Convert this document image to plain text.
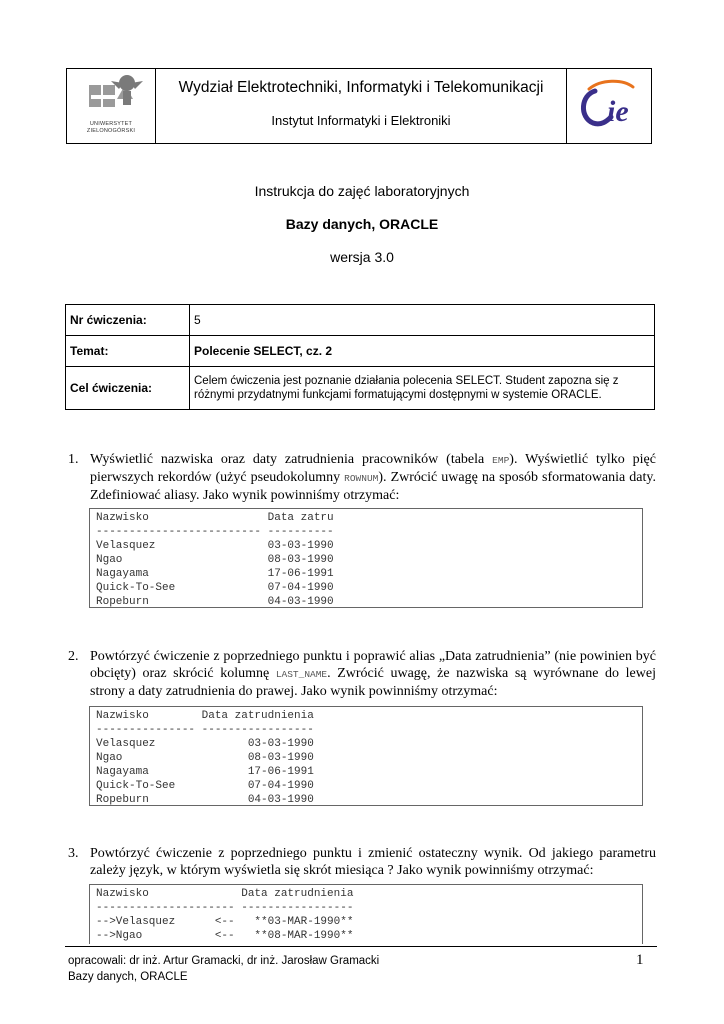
UNIWERSYTET
ZIELONOGÓRSKI
Wydział Elektrotechniki, Informatyki i Telekomunikacji
Instytut Informatyki i Elektroniki	ie
Instrukcja do zajęć laboratoryjnych
Bazy danych, ORACLE
wersja 3.0
Nr ćwiczenia:	5
Temat:	Polecenie SELECT, cz. 2
Cel ćwiczenia:	Celem ćwiczenia jest poznanie działania polecenia SELECT. Student zapozna się z
różnymi przydatnymi funkcjami formatującymi dostępnymi w systemie ORACLE.
1. Wyświetlić nazwiska oraz daty zatrudnienia pracowników (tabela EMP). Wyświetlić tylko pięć pierwszych rekordów (użyć pseudokolumny ROWNUM). Zwrócić uwagę na sposób sformatowania daty. Zdefiniować aliasy. Jako wynik powinniśmy otrzymać:
Nazwisko                  Data zatru
------------------------- ----------
Velasquez                 03-03-1990
Ngao                      08-03-1990
Nagayama                  17-06-1991
Quick-To-See              07-04-1990
Ropeburn                  04-03-1990
2. Powtórzyć ćwiczenie z poprzedniego punktu i poprawić alias „Data zatrudnienia” (nie powinien być obcięty) oraz skrócić kolumnę LAST_NAME. Zwrócić uwagę, że nazwiska są wyrównane do lewej strony a daty zatrudnienia do prawej. Jako wynik powinniśmy otrzymać:
Nazwisko        Data zatrudnienia
--------------- -----------------
Velasquez              03-03-1990
Ngao                   08-03-1990
Nagayama               17-06-1991
Quick-To-See           07-04-1990
Ropeburn               04-03-1990
3. Powtórzyć ćwiczenie z poprzedniego punktu i zmienić ostateczny wynik. Od jakiego parametru zależy język, w którym wyświetla się skrót miesiąca ? Jako wynik powinniśmy otrzymać:
Nazwisko              Data zatrudnienia
--------------------- -----------------
-->Velasquez      <--   **03-MAR-1990**
-->Ngao           <--   **08-MAR-1990**
opracowali: dr inż. Artur Gramacki, dr inż. Jarosław Gramacki
Bazy danych, ORACLE
1
